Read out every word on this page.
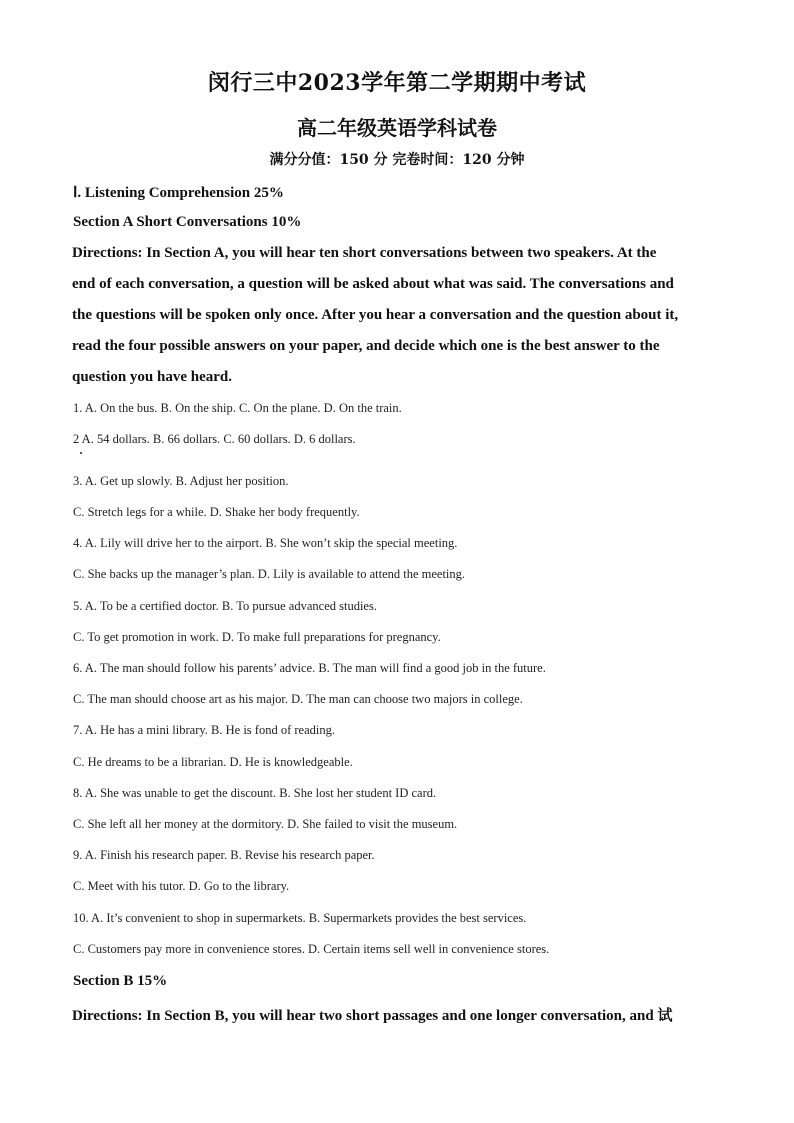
闵行三中2023学年第二学期期中考试
高二年级英语学科试卷
满分分值：150 分 完卷时间：120 分钟
Ⅰ. Listening Comprehension 25%
Section A Short Conversations 10%
Directions: In Section A, you will hear ten short conversations between two speakers. At the
end of each conversation, a question will be asked about what was said. The conversations and
the questions will be spoken only once. After you hear a conversation and the question about it,
read the four possible answers on your paper, and decide which one is the best answer to the
question you have heard.
1. A. On the bus. B. On the ship. C. On the plane. D. On the train.
2 A. 54 dollars. B. 66 dollars. C. 60 dollars. D. 6 dollars.
3. A. Get up slowly. B. Adjust her position.
C. Stretch legs for a while. D. Shake her body frequently.
4. A. Lily will drive her to the airport. B. She won’t skip the special meeting.
C. She backs up the manager’s plan. D. Lily is available to attend the meeting.
5. A. To be a certified doctor. B. To pursue advanced studies.
C. To get promotion in work. D. To make full preparations for pregnancy.
6. A. The man should follow his parents’ advice. B. The man will find a good job in the future.
C. The man should choose art as his major. D. The man can choose two majors in college.
7. A. He has a mini library. B. He is fond of reading.
C. He dreams to be a librarian. D. He is knowledgeable.
8. A. She was unable to get the discount. B. She lost her student ID card.
C. She left all her money at the dormitory. D. She failed to visit the museum.
9. A. Finish his research paper. B. Revise his research paper.
C. Meet with his tutor. D. Go to the library.
10. A. It’s convenient to shop in supermarkets. B. Supermarkets provides the best services.
C. Customers pay more in convenience stores. D. Certain items sell well in convenience stores.
Section B 15%
Directions: In Section B, you will hear two short passages and one longer conversation, and 试
